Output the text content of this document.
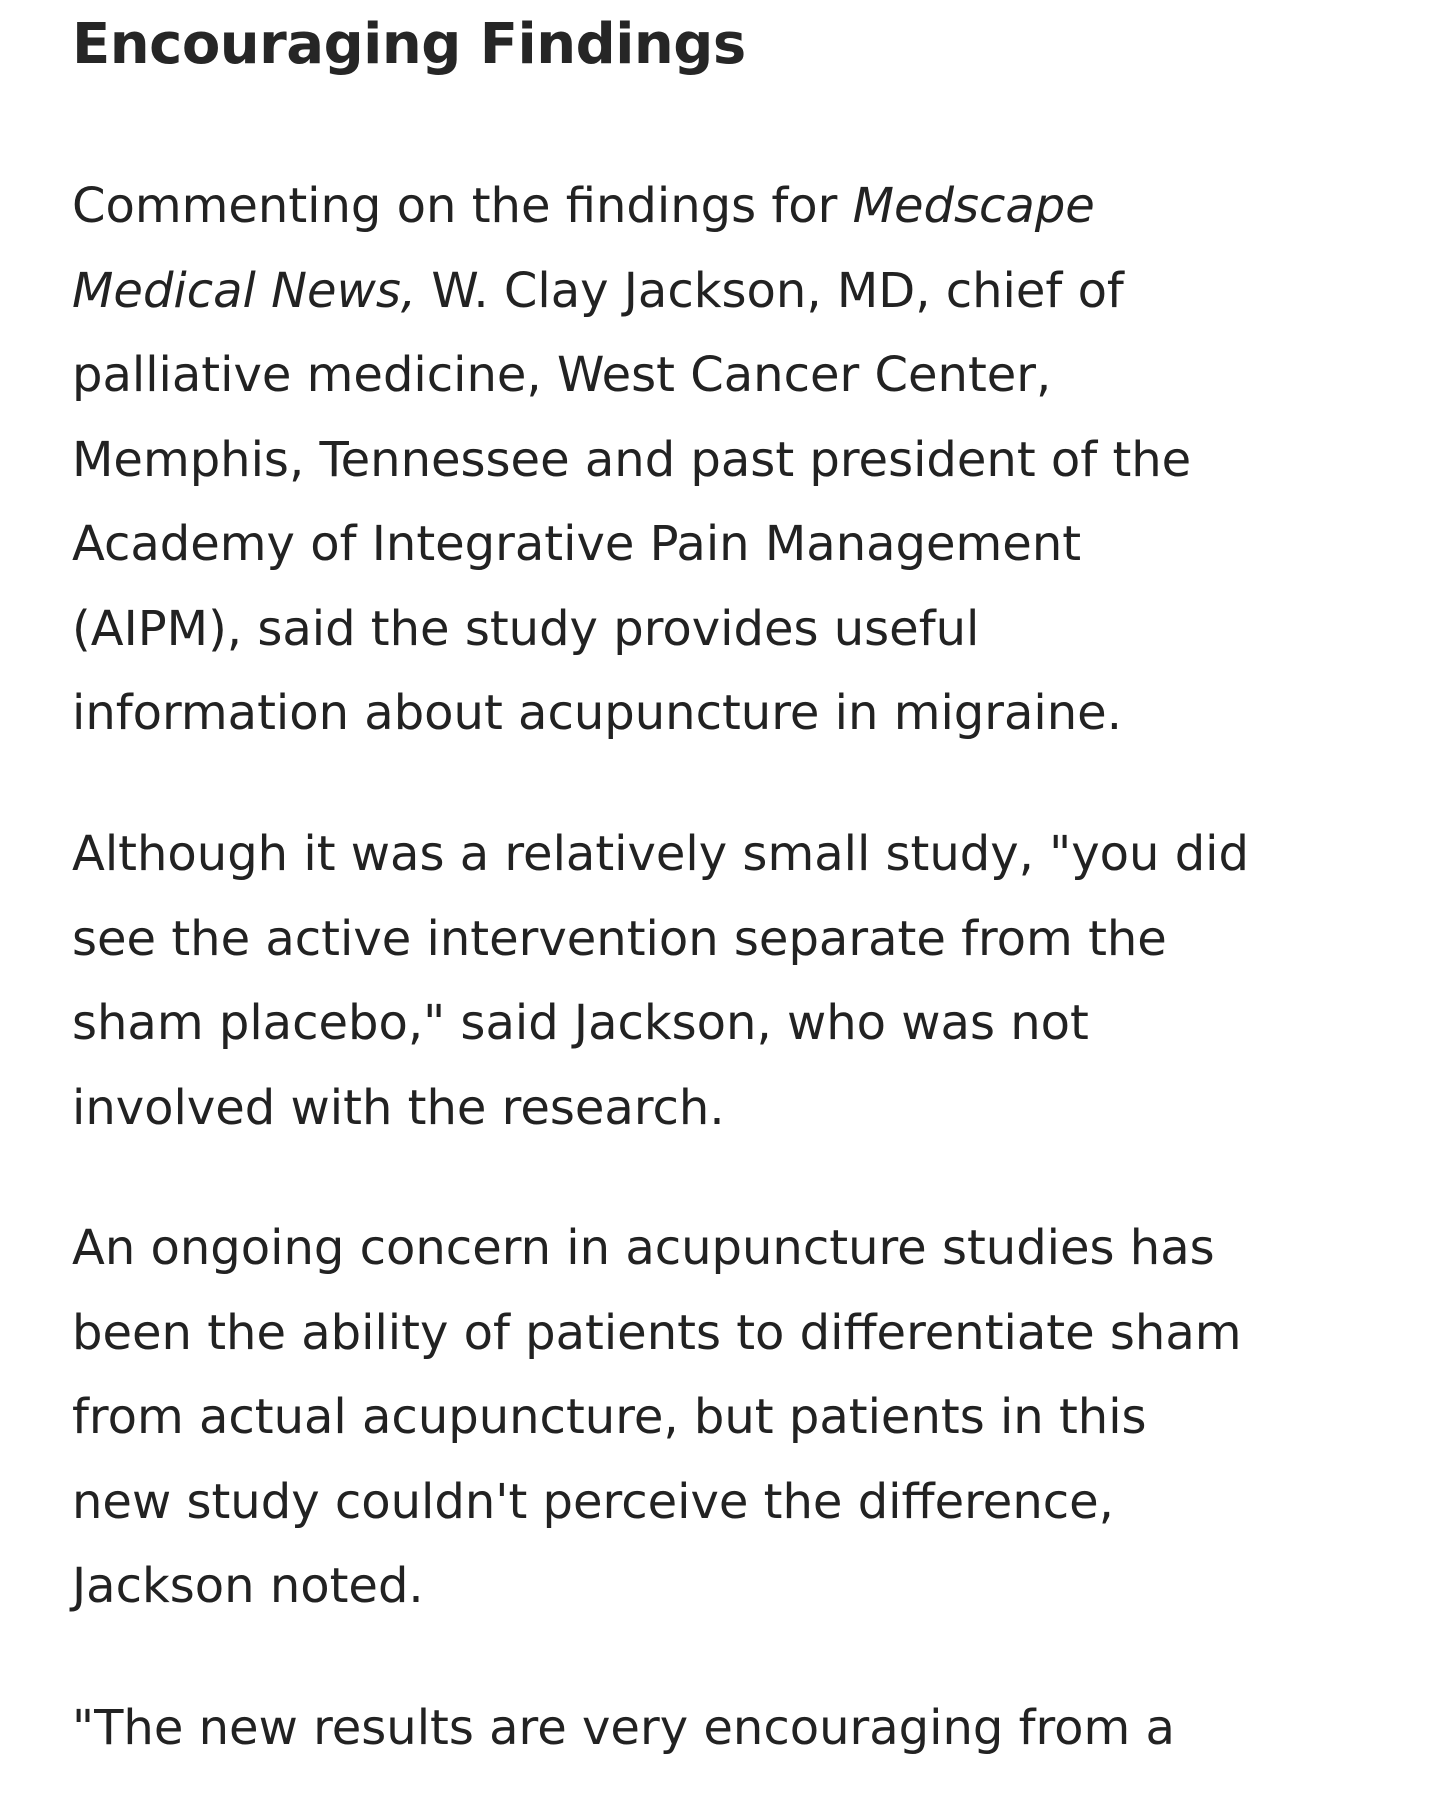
Encouraging Findings

Commenting on the findings for Medscape
Medical News, W. Clay Jackson, MD, chief of
palliative medicine, West Cancer Center,
Memphis, Tennessee and past president of the
Academy of Integrative Pain Management
(AIPM), said the study provides useful
information about acupuncture in migraine.

Although it was a relatively small study, "you did
see the active intervention separate from the
sham placebo," said Jackson, who was not
involved with the research.

An ongoing concern in acupuncture studies has
been the ability of patients to differentiate sham
from actual acupuncture, but patients in this
new study couldn't perceive the difference,
Jackson noted.

"The new results are very encouraging from a
